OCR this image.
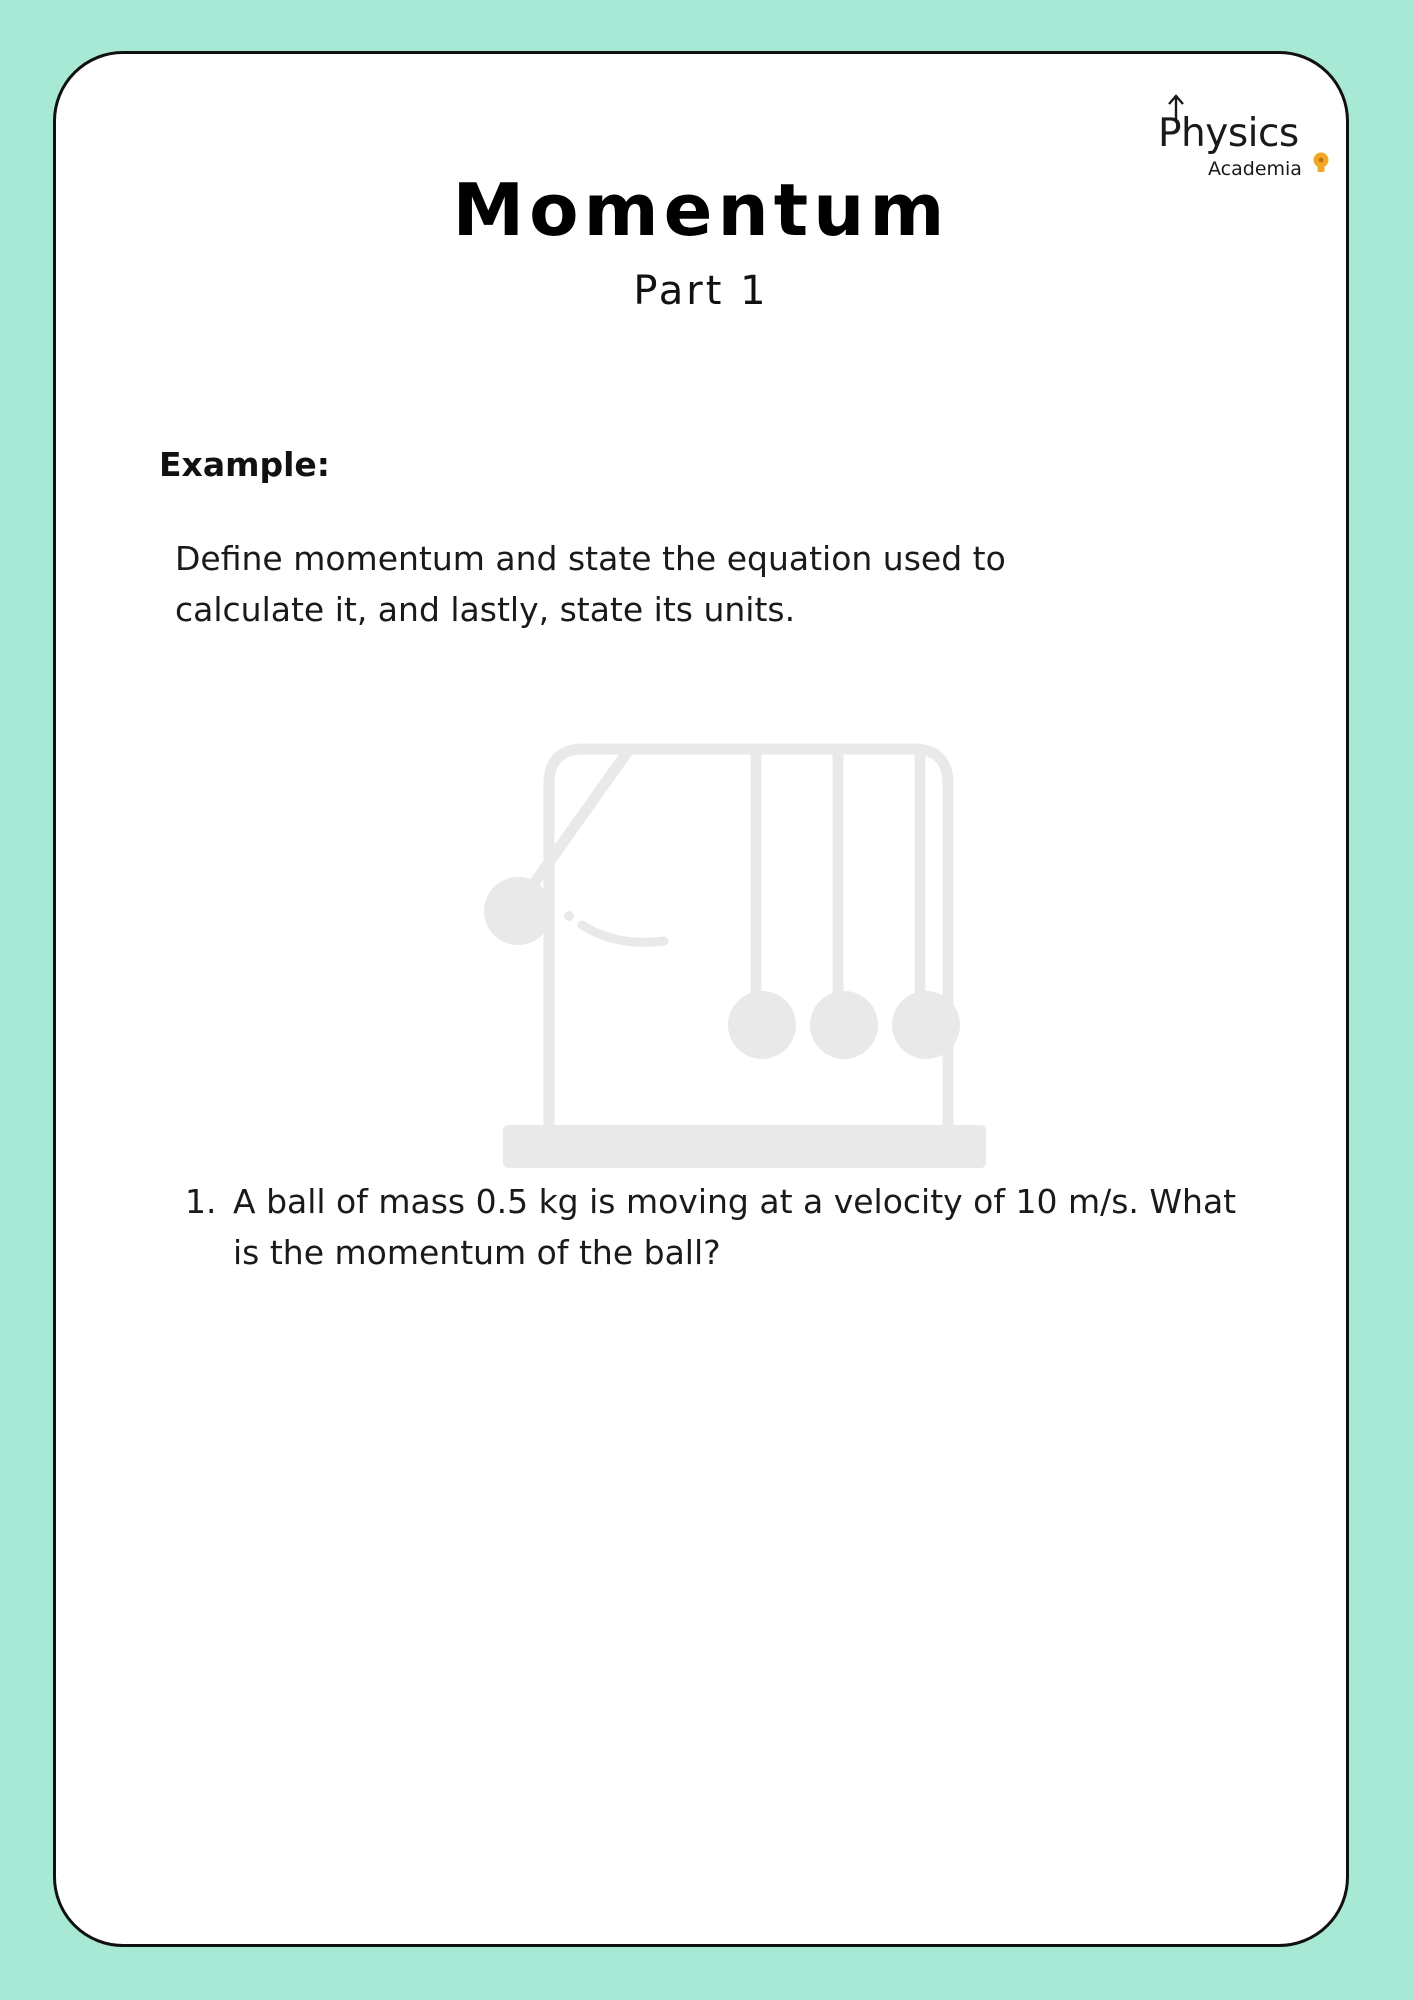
Physics
Academia
Momentum

Part 1

Example:

Define momentum and state the equation used to calculate it, and lastly, state its units.

1. A ball of mass 0.5 kg is moving at a velocity of 10 m/s. What is the momentum of the ball?
